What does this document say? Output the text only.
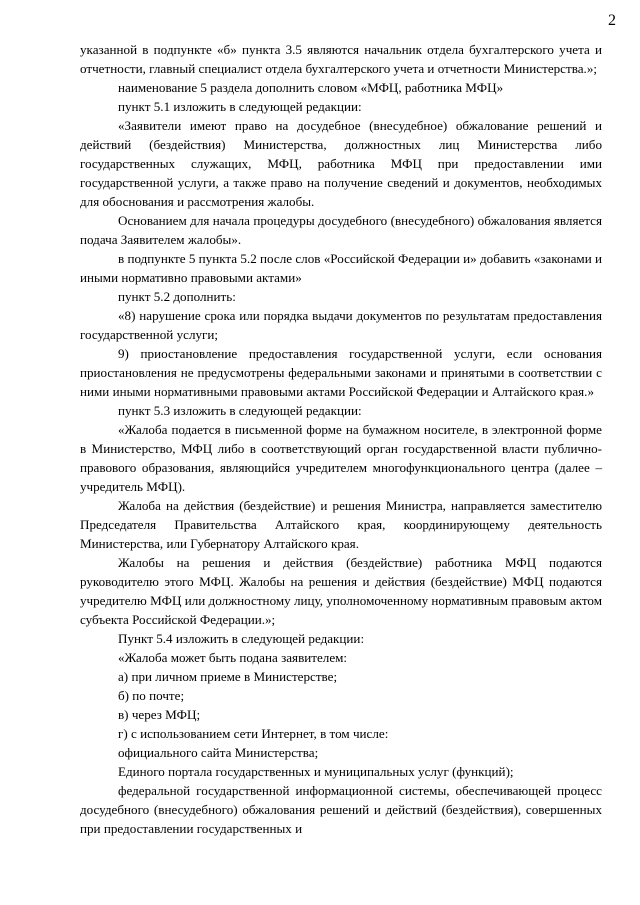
2

указанной в подпункте «б» пункта 3.5 являются начальник отдела бухгалтерского учета и отчетности, главный специалист отдела бухгалтерского учета и отчетности Министерства.»;

наименование 5 раздела дополнить словом «МФЦ, работника МФЦ»

пункт 5.1 изложить в следующей редакции:

«Заявители имеют право на досудебное (внесудебное) обжалование решений и действий (бездействия) Министерства, должностных лиц Министерства либо государственных служащих, МФЦ, работника МФЦ при предоставлении ими государственной услуги, а также право на получение сведений и документов, необходимых для обоснования и рассмотрения жалобы.

Основанием для начала процедуры досудебного (внесудебного) обжалования является подача Заявителем жалобы».

в подпункте 5 пункта 5.2 после слов «Российской Федерации и» добавить «законами и иными нормативно правовыми актами»

пункт 5.2 дополнить:

«8) нарушение срока или порядка выдачи документов по результатам предоставления государственной услуги;

9) приостановление предоставления государственной услуги, если основания приостановления не предусмотрены федеральными законами и принятыми в соответствии с ними иными нормативными правовыми актами Российской Федерации и Алтайского края.»

пункт 5.3 изложить в следующей редакции:

«Жалоба подается в письменной форме на бумажном носителе, в электронной форме в Министерство, МФЦ либо в соответствующий орган государственной власти публично-правового образования, являющийся учредителем многофункционального центра (далее – учредитель МФЦ).

Жалоба на действия (бездействие) и решения Министра, направляется заместителю Председателя Правительства Алтайского края, координирующему деятельность Министерства, или Губернатору Алтайского края.

Жалобы на решения и действия (бездействие) работника МФЦ подаются руководителю этого МФЦ. Жалобы на решения и действия (бездействие) МФЦ подаются учредителю МФЦ или должностному лицу, уполномоченному нормативным правовым актом субъекта Российской Федерации.»;

Пункт 5.4 изложить в следующей редакции:

«Жалоба может быть подана заявителем:

а) при личном приеме в Министерстве;

б) по почте;

в) через МФЦ;

г) с использованием сети Интернет, в том числе:

официального сайта Министерства;

Единого портала государственных и муниципальных услуг (функций);

федеральной государственной информационной системы, обеспечивающей процесс досудебного (внесудебного) обжалования решений и действий (бездействия), совершенных при предоставлении государственных и
